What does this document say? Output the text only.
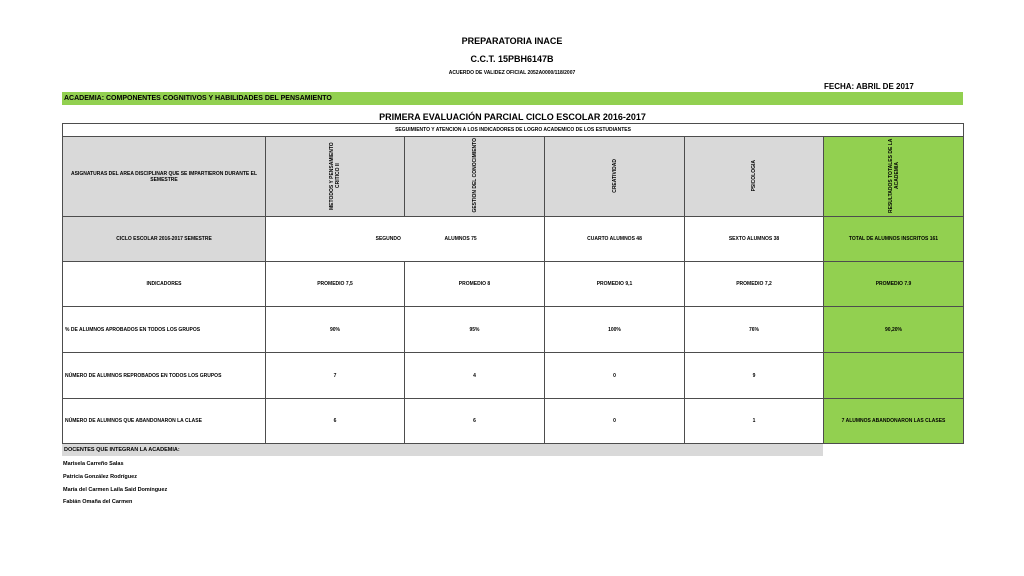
PREPARATORIA INACE
C.C.T. 15PBH6147B
ACUERDO DE VALIDEZ OFICIAL 2052A0000/118/2007
FECHA: ABRIL DE 2017
ACADEMIA: COMPONENTES COGNITIVOS Y HABILIDADES DEL PENSAMIENTO
PRIMERA EVALUACIÓN PARCIAL CICLO ESCOLAR 2016-2017
SEGUIMIENTO Y ATENCION A LOS INDICADORES DE LOGRO ACADEMICO DE LOS ESTUDIANTES					
ASIGNATURAS DEL AREA DISCIPLINAR QUE SE IMPARTIERON DURANTE EL SEMESTRE	METODOS Y PENSAMIENTO CRITICO II	GESTION DEL CONOCIMIENTO	CREATIVIDAD	PSICOLOGIA	RESULTADOS TOTALES DE LA ACADEMIA
CICLO ESCOLAR 2016-2017 SEMESTRE	SEGUNDO ALUMNOS 75		CUARTO ALUMNOS 48	SEXTO ALUMNOS 38	TOTAL DE ALUMNOS INSCRITOS 161
INDICADORES	PROMEDIO 7,5	PROMEDIO 8	PROMEDIO 9,1	PROMEDIO 7,2	PROMEDIO 7.9
% DE ALUMNOS APROBADOS EN TODOS LOS GRUPOS	90%	95%	100%	76%	90,20%
NÚMERO DE ALUMNOS REPROBADOS EN TODOS LOS GRUPOS	7	4	0	9	
NÚMERO DE ALUMNOS QUE ABANDONARON LA CLASE	6	6	0	1	7 ALUMNOS ABANDONARON LAS CLASES
DOCENTES QUE INTEGRAN LA ACADEMIA:
Marisela Carreño Salas
Patricia González Rodríguez
María del Carmen Laila Said Domínguez
Fabián Omaña del Carmen
